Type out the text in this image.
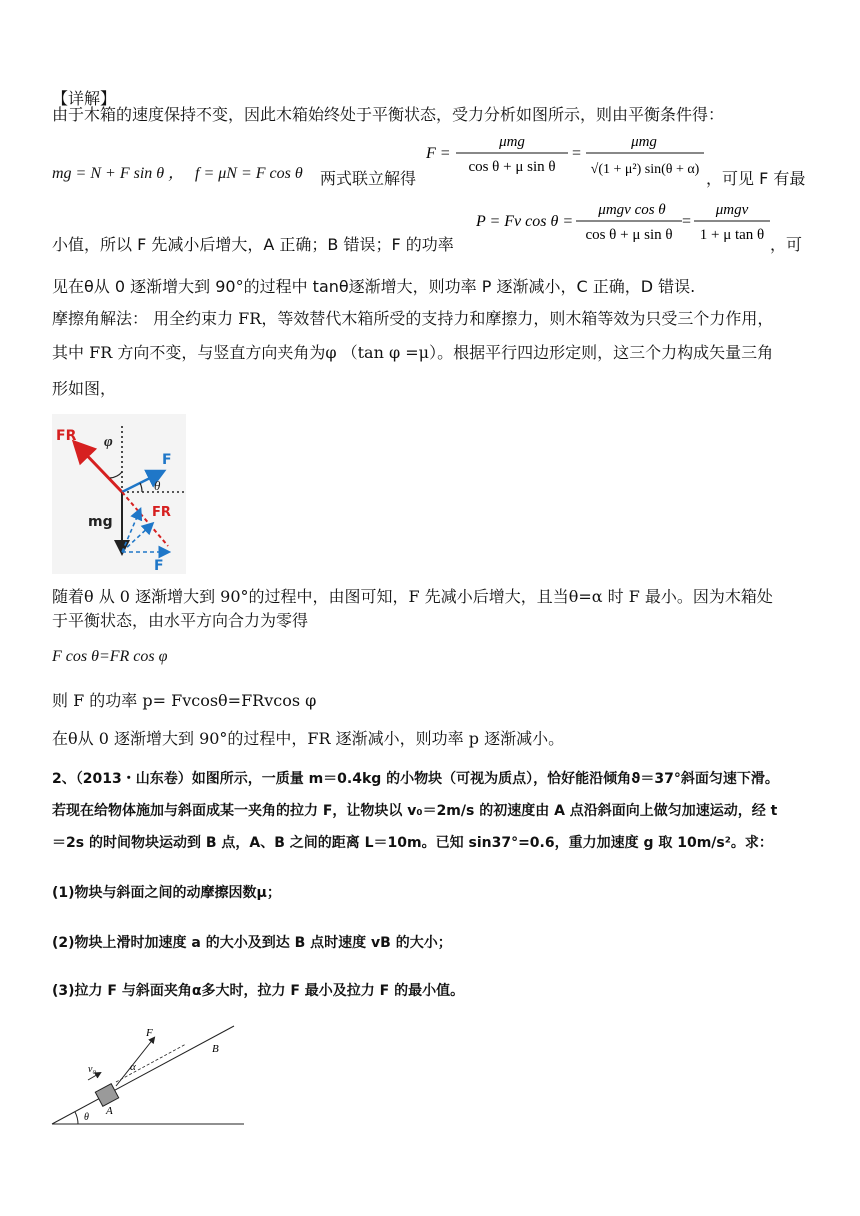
【详解】
由于木箱的速度保持不变，因此木箱始终处于平衡状态，受力分析如图所示，则由平衡条件得：
mg = N + F sin θ ， f = μN = F cos θ 两式联立解得
F =
μmg
cos θ + μ sin θ
=
μmg
√(1 + μ²) sin(θ + α) ，可见 F 有最
小值，所以 F 先减小后增大，A 正确；B 错误；F 的功率
P = Fv cos θ =
μmgv cos θ
cos θ + μ sin θ
=
μmgv
1 + μ tan θ ，可
见在θ从 0 逐渐增大到 90°的过程中 tanθ逐渐增大，则功率 P 逐渐减小，C 正确，D 错误.
摩擦角解法： 用全约束力 FR，等效替代木箱所受的支持力和摩擦力，则木箱等效为只受三个力作用，
其中 FR 方向不变，与竖直方向夹角为φ （tan φ =μ）。根据平行四边形定则，这三个力构成矢量三角
形如图，
FR φ
F
θ
mg
FR
F
随着θ 从 0 逐渐增大到 90°的过程中，由图可知，F 先减小后增大，且当θ=α 时 F 最小。因为木箱处
于平衡状态，由水平方向合力为零得
F cos θ=FR cos φ
则 F 的功率 p= Fvcosθ=FRvcos φ
在θ从 0 逐渐增大到 90°的过程中，FR 逐渐减小，则功率 p 逐渐减小。
2、（2013・山东卷）如图所示，一质量 m＝0.4kg 的小物块（可视为质点），恰好能沿倾角ϑ＝37°斜面匀速下滑。
若现在给物体施加与斜面成某一夹角的拉力 F，让物块以 v₀＝2m/s 的初速度由 A 点沿斜面向上做匀加速运动，经 t
＝2s 的时间物块运动到 B 点，A、B 之间的距离 L＝10m。已知 sin37°=0.6，重力加速度 g 取 10m/s²。求：
(1)物块与斜面之间的动摩擦因数μ；
(2)物块上滑时加速度 a 的大小及到达 B 点时速度 vB 的大小；
(3)拉力 F 与斜面夹角α多大时，拉力 F 最小及拉力 F 的最小值。
F
v₀	α
A
B
θ
